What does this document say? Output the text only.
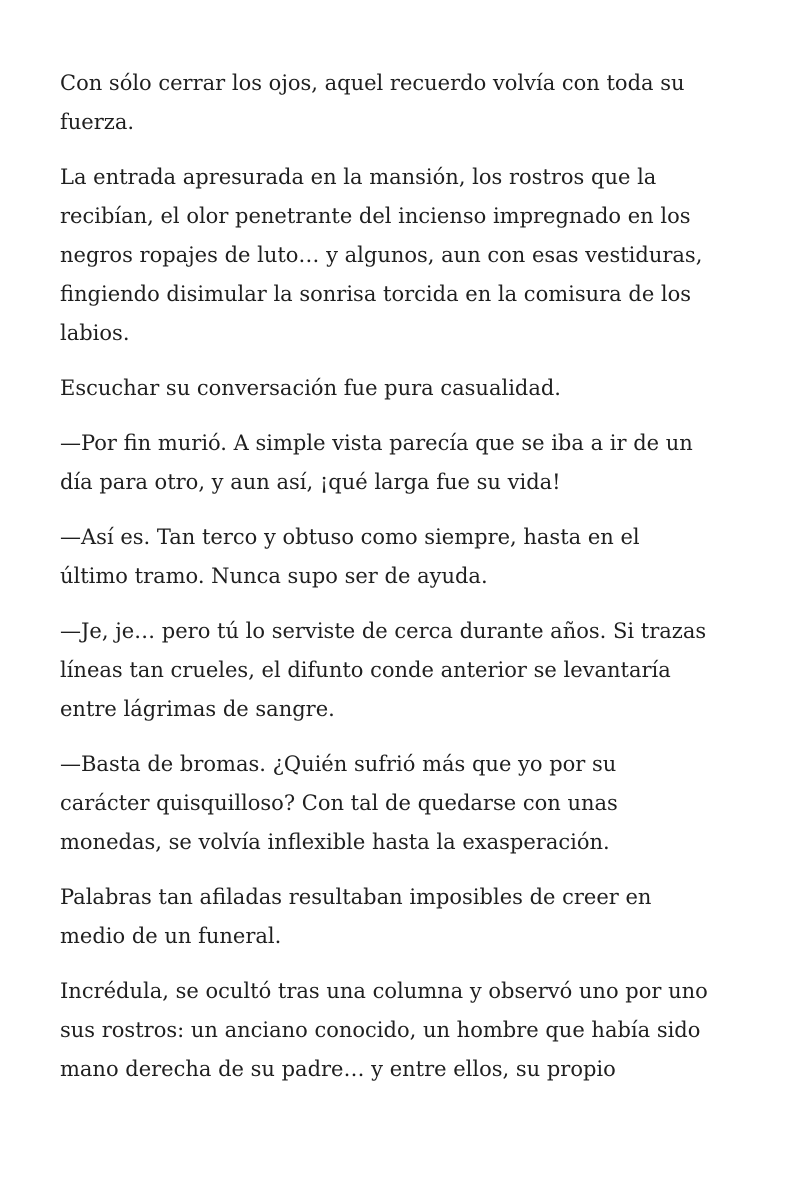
Con sólo cerrar los ojos, aquel recuerdo volvía con toda su
fuerza.

La entrada apresurada en la mansión, los rostros que la
recibían, el olor penetrante del incienso impregnado en los
negros ropajes de luto… y algunos, aun con esas vestiduras,
fingiendo disimular la sonrisa torcida en la comisura de los
labios.

Escuchar su conversación fue pura casualidad.

—Por fin murió. A simple vista parecía que se iba a ir de un
día para otro, y aun así, ¡qué larga fue su vida!

—Así es. Tan terco y obtuso como siempre, hasta en el
último tramo. Nunca supo ser de ayuda.

—Je, je… pero tú lo serviste de cerca durante años. Si trazas
líneas tan crueles, el difunto conde anterior se levantaría
entre lágrimas de sangre.

—Basta de bromas. ¿Quién sufrió más que yo por su
carácter quisquilloso? Con tal de quedarse con unas
monedas, se volvía inflexible hasta la exasperación.

Palabras tan afiladas resultaban imposibles de creer en
medio de un funeral.

Incrédula, se ocultó tras una columna y observó uno por uno
sus rostros: un anciano conocido, un hombre que había sido
mano derecha de su padre… y entre ellos, su propio
